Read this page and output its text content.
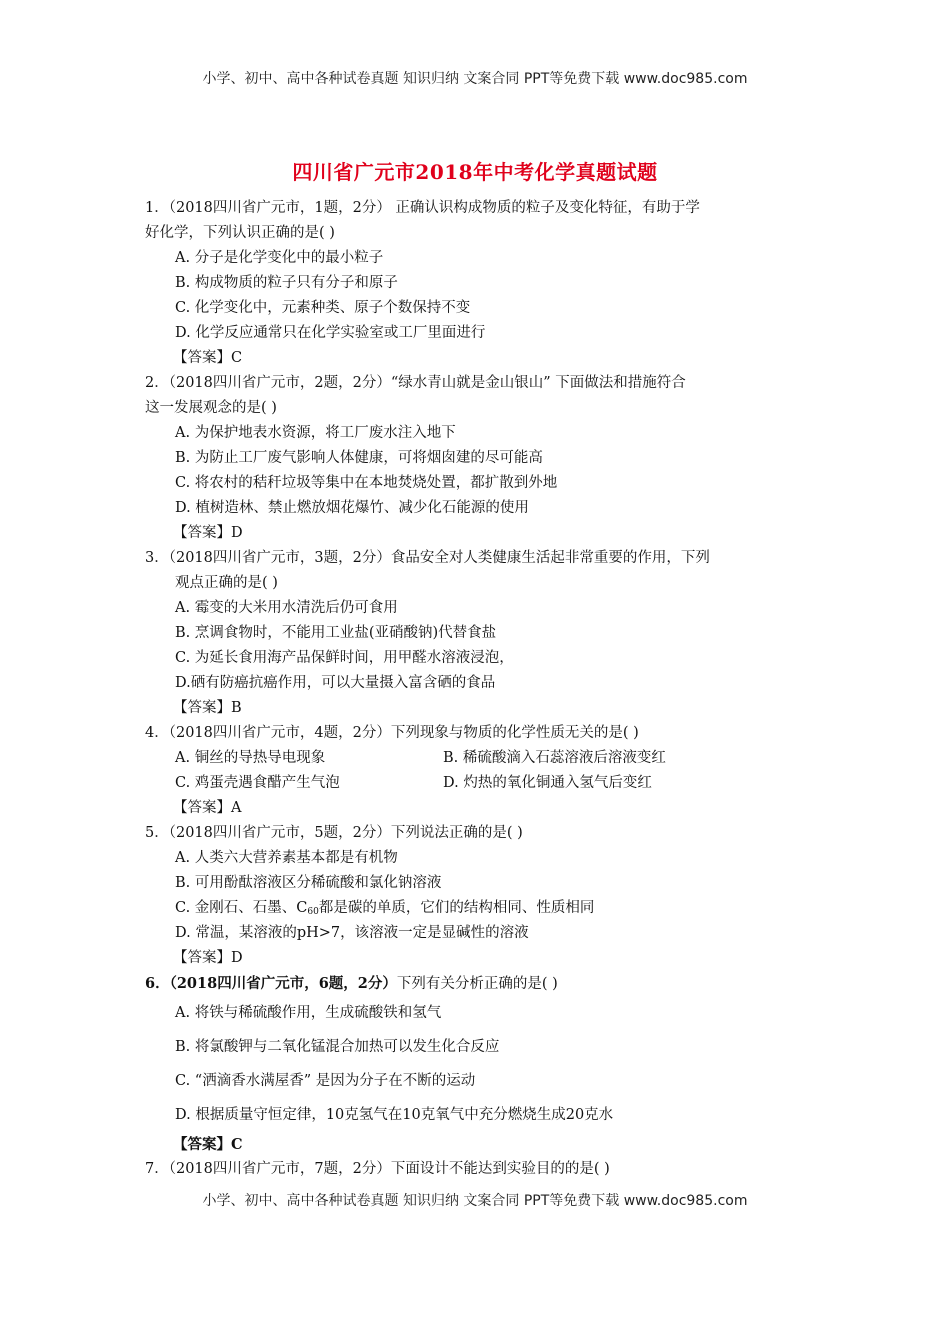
小学、初中、高中各种试卷真题 知识归纳 文案合同 PPT等免费下载 www.doc985.com
四川省广元市2018年中考化学真题试题
1．（2018四川省广元市，1题，2分） 正确认识构成物质的粒子及变化特征，有助于学
好化学，下列认识正确的是( )
A. 分子是化学变化中的最小粒子
B. 构成物质的粒子只有分子和原子
C. 化学变化中，元素种类、原子个数保持不变
D. 化学反应通常只在化学实验室或工厂里面进行
【答案】C
2．（2018四川省广元市，2题，2分）“绿水青山就是金山银山” 下面做法和措施符合
这一发展观念的是( )
A. 为保护地表水资源，将工厂废水注入地下
B. 为防止工厂废气影响人体健康，可将烟囱建的尽可能高
C. 将农村的秸秆垃圾等集中在本地焚烧处置，都扩散到外地
D. 植树造林、禁止燃放烟花爆竹、减少化石能源的使用
【答案】D
3．（2018四川省广元市，3题，2分）食品安全对人类健康生活起非常重要的作用，下列
观点正确的是( )
A. 霉变的大米用水清洗后仍可食用
B. 烹调食物时，不能用工业盐(亚硝酸钠)代替食盐
C. 为延长食用海产品保鲜时间，用甲醛水溶液浸泡，
D.硒有防癌抗癌作用，可以大量摄入富含硒的食品
【答案】B
4．（2018四川省广元市，4题，2分）下列现象与物质的化学性质无关的是( )
A. 铜丝的导热导电现象	B. 稀硫酸滴入石蕊溶液后溶液变红
C. 鸡蛋壳遇食醋产生气泡	D. 灼热的氧化铜通入氢气后变红
【答案】A
5．（2018四川省广元市，5题，2分）下列说法正确的是( )
A. 人类六大营养素基本都是有机物
B. 可用酚酞溶液区分稀硫酸和氯化钠溶液
C. 金刚石、石墨、$C_{60}$都是碳的单质，它们的结构相同、性质相同
D. 常温，某溶液的pH>7，该溶液一定是显碱性的溶液
【答案】D
6．（2018四川省广元市，6题，2分）下列有关分析正确的是( )
A. 将铁与稀硫酸作用，生成硫酸铁和氢气
B. 将氯酸钾与二氧化锰混合加热可以发生化合反应
C. “洒滴香水满屋香” 是因为分子在不断的运动
D. 根据质量守恒定律，10克氢气在10克氧气中充分燃烧生成20克水
【答案】C
7．（2018四川省广元市，7题，2分）下面设计不能达到实验目的的是( )
小学、初中、高中各种试卷真题 知识归纳 文案合同 PPT等免费下载 www.doc985.com
